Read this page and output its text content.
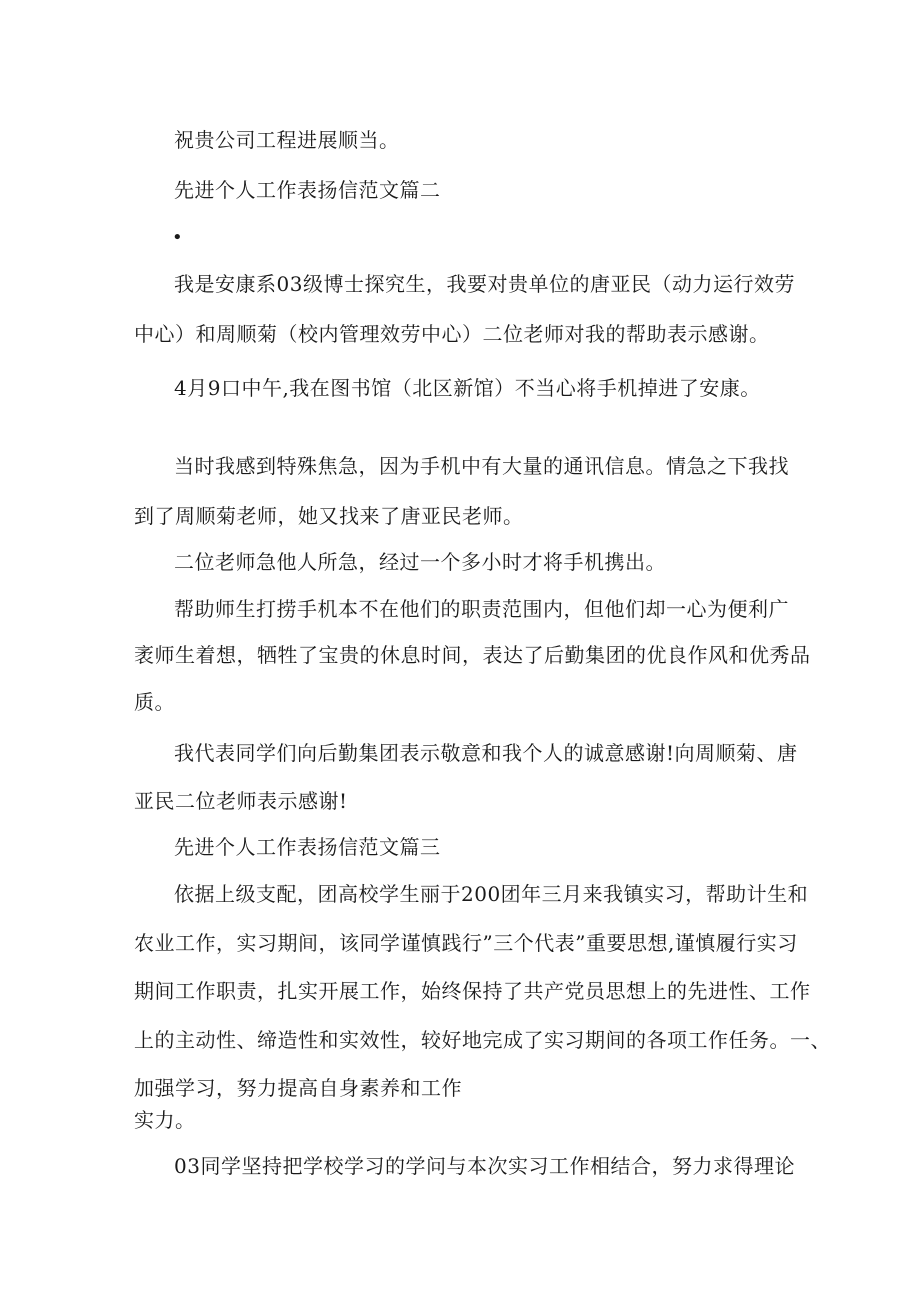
祝贵公司工程进展顺当。
先进个人工作表扬信范文篇二
•
我是安康系03级博士探究生，我要对贵单位的唐亚民（动力运行效劳
中心）和周顺菊（校内管理效劳中心）二位老师对我的帮助表示感谢。
4月9口中午,我在图书馆（北区新馆）不当心将手机掉进了安康。
当时我感到特殊焦急，因为手机中有大量的通讯信息。情急之下我找
到了周顺菊老师，她又找来了唐亚民老师。
二位老师急他人所急，经过一个多小时才将手机携出。
帮助师生打捞手机本不在他们的职责范围内，但他们却一心为便利广
袤师生着想，牺牲了宝贵的休息时间，表达了后勤集团的优良作风和优秀品
质。
我代表同学们向后勤集团表示敬意和我个人的诚意感谢!向周顺菊、唐
亚民二位老师表示感谢!
先进个人工作表扬信范文篇三
依据上级支配，团高校学生丽于200团年三月来我镇实习，帮助计生和
农业工作，实习期间，该同学谨慎践行”三个代表”重要思想,谨慎履行实习
期间工作职责，扎实开展工作，始终保持了共产党员思想上的先进性、工作
上的主动性、缔造性和实效性，较好地完成了实习期间的各项工作任务。一、
加强学习，努力提高自身素养和工作
实力。
03同学坚持把学校学习的学问与本次实习工作相结合，努力求得理论
